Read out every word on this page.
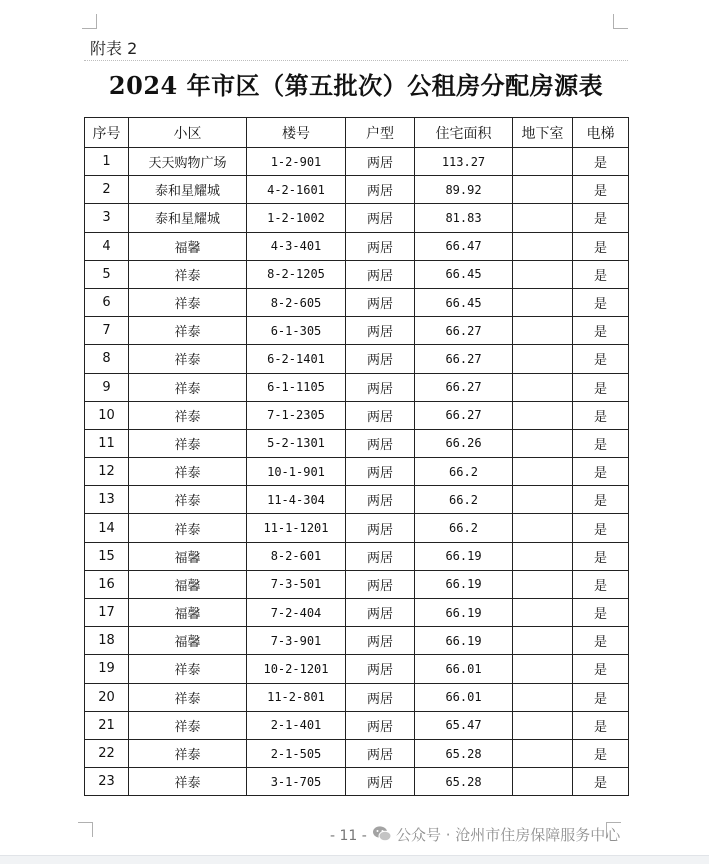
附表 2
2024 年市区（第五批次）公租房分配房源表
序号	小区	楼号	户型	住宅面积	地下室	电梯
1	天天购物广场	1-2-901	两居	113.27		是
2	泰和星耀城	4-2-1601	两居	89.92		是
3	泰和星耀城	1-2-1002	两居	81.83		是
4	福馨	4-3-401	两居	66.47		是
5	祥泰	8-2-1205	两居	66.45		是
6	祥泰	8-2-605	两居	66.45		是
7	祥泰	6-1-305	两居	66.27		是
8	祥泰	6-2-1401	两居	66.27		是
9	祥泰	6-1-1105	两居	66.27		是
10	祥泰	7-1-2305	两居	66.27		是
11	祥泰	5-2-1301	两居	66.26		是
12	祥泰	10-1-901	两居	66.2		是
13	祥泰	11-4-304	两居	66.2		是
14	祥泰	11-1-1201	两居	66.2		是
15	福馨	8-2-601	两居	66.19		是
16	福馨	7-3-501	两居	66.19		是
17	福馨	7-2-404	两居	66.19		是
18	福馨	7-3-901	两居	66.19		是
19	祥泰	10-2-1201	两居	66.01		是
20	祥泰	11-2-801	两居	66.01		是
21	祥泰	2-1-401	两居	65.47		是
22	祥泰	2-1-505	两居	65.28		是
23	祥泰	3-1-705	两居	65.28		是
- 11 - 公众号 · 沧州市住房保障服务中心
